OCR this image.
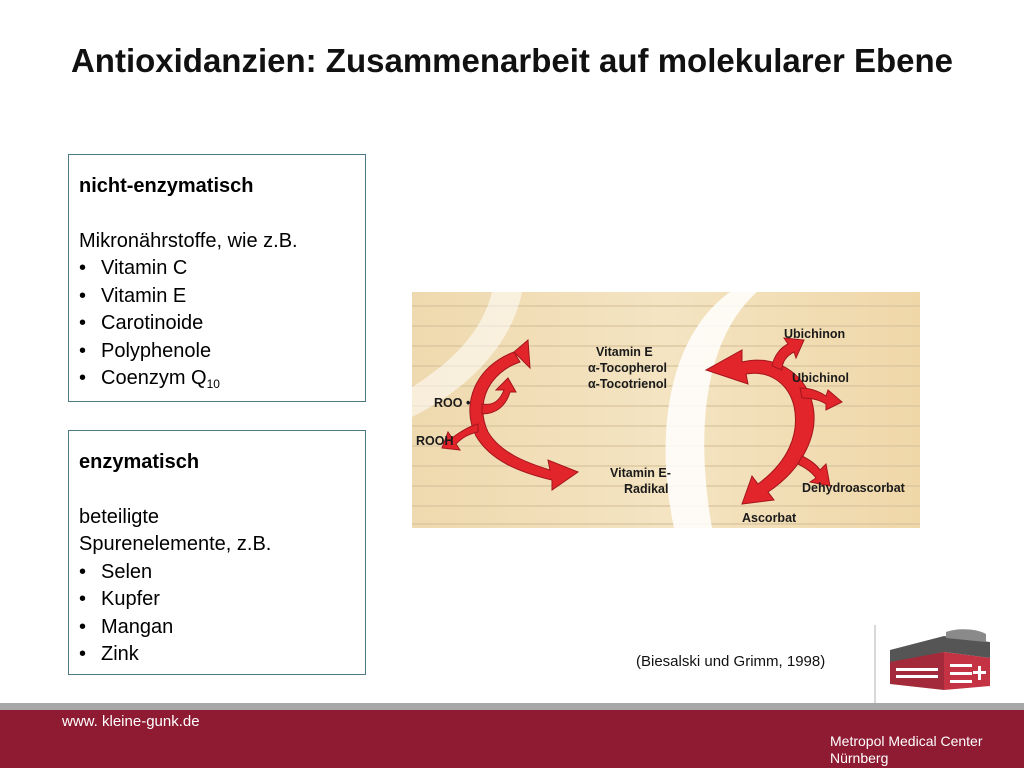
Antioxidanzien: Zusammenarbeit auf molekularer Ebene
nicht-enzymatisch
Mikronährstoffe, wie z.B.
• Vitamin C
• Vitamin E
• Carotinoide
• Polyphenole
• Coenzym $Q_{10}$
enzymatisch
beteiligte
Spurenelemente, z.B.
• Selen
• Kupfer
• Mangan
• Zink
Vitamin E
α-Tocopherol
α-Tocotrienol
ROO •
ROOH
Vitamin E-
Radikal
Ubichinon
Ubichinol
Dehydroascorbat
Ascorbat
(Biesalski und Grimm, 1998)
www. kleine-gunk.de
Metropol Medical Center
Nürnberg
